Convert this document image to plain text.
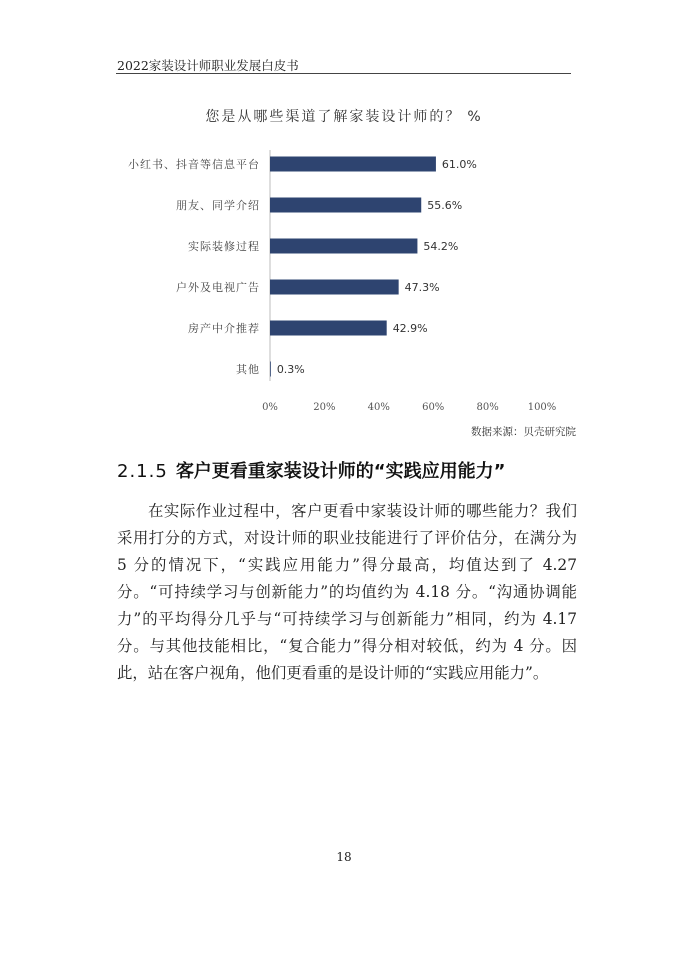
2022家装设计师职业发展白皮书
您是从哪些渠道了解家装设计师的？ %
小红书、抖音等信息平台	61.0%
朋友、同学介绍	55.6%
实际装修过程	54.2%
户外及电视广告	47.3%
房产中介推荐	42.9%
其他 0.3%
0%	20%	40%	60%	80%	100%
数据来源：贝壳研究院
2.1.5 客户更看重家装设计师的“实践应用能力”

在实际作业过程中，客户更看中家装设计师的哪些能力？我们采用打分的方式，对设计师的职业技能进行了评价估分，在满分为 5 分的情况下，“实践应用能力”得分最高，均值达到了 4.27 分。“可持续学习与创新能力”的均值约为 4.18 分。“沟通协调能力”的平均得分几乎与“可持续学习与创新能力”相同，约为 4.17 分。与其他技能相比，“复合能力”得分相对较低，约为 4 分。因此，站在客户视角，他们更看重的是设计师的“实践应用能力”。

18
